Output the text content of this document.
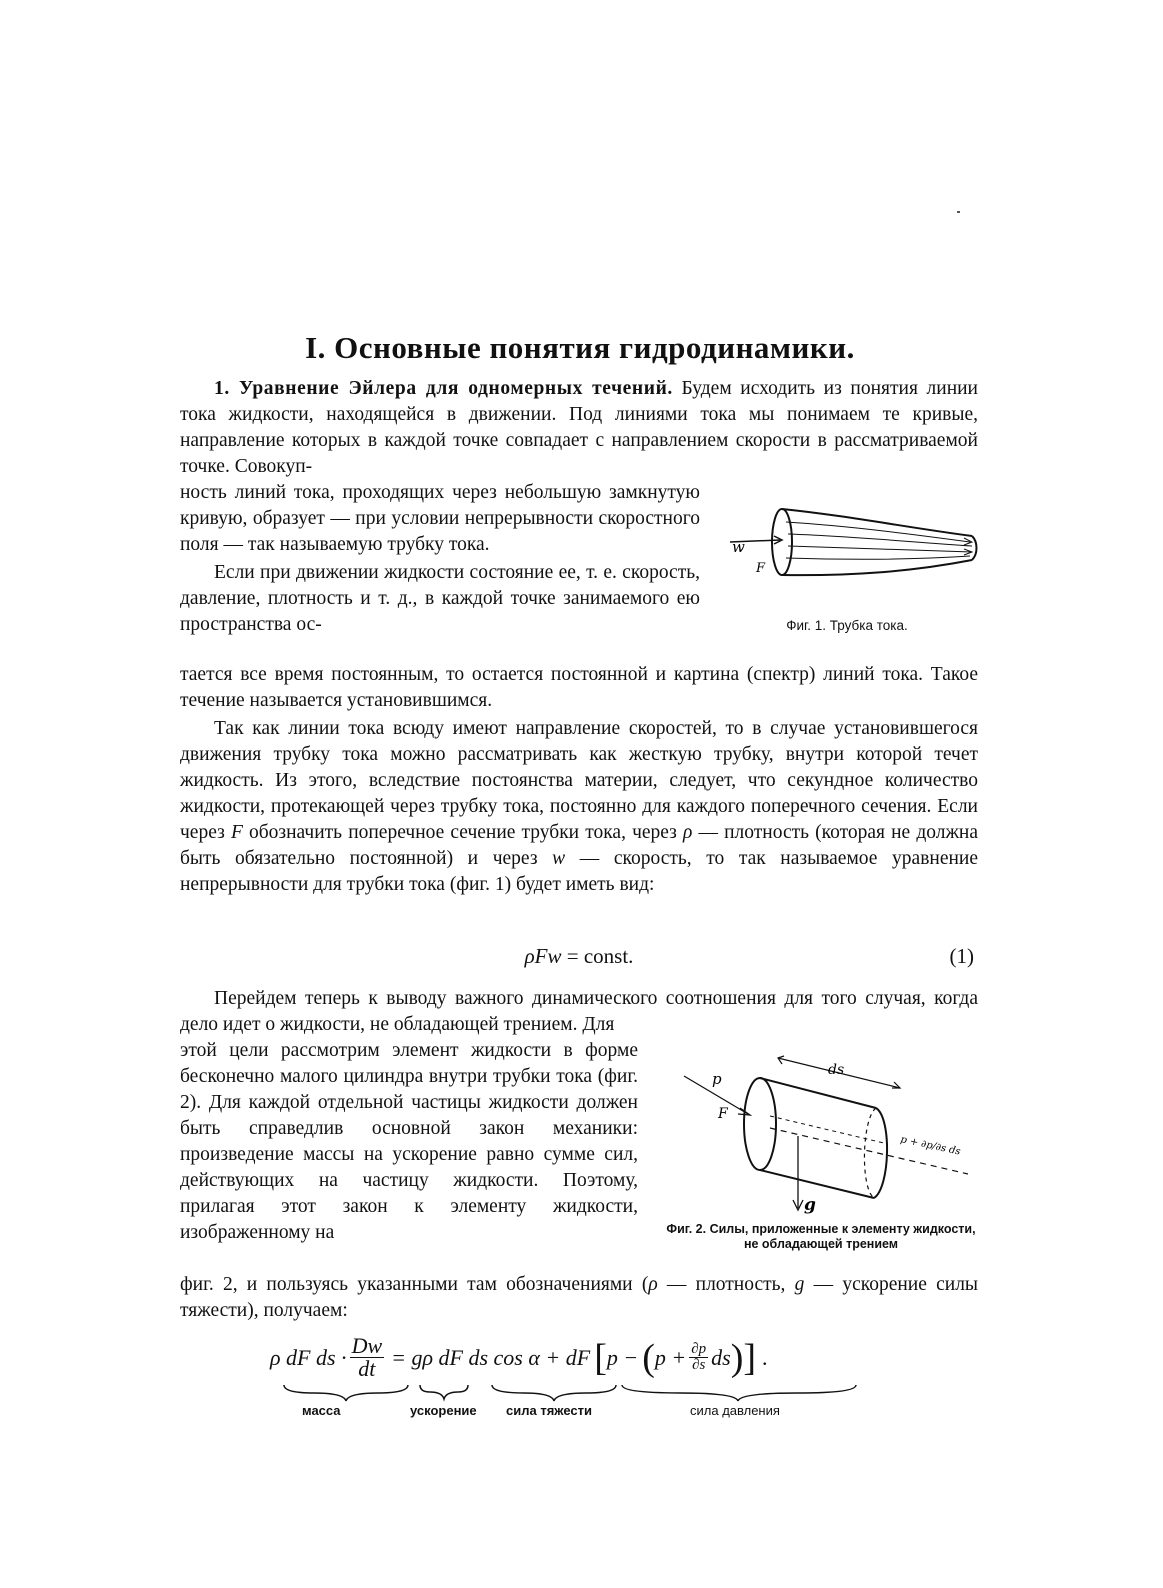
I. Основные понятия гидродинамики.

1. Уравнение Эйлера для одномерных течений. Будем исходить из понятия линии тока жидкости, находящейся в движении. Под линиями тока мы понимаем те кривые, направление которых в каждой точке совпадает с направлением скорости в рассматриваемой точке. Совокуп-

ность линий тока, проходящих через небольшую замкнутую кривую, образует — при условии непрерывности скоростного поля — так называемую трубку тока.

Если при движении жидкости состояние ее, т. е. скорость, давление, плотность и т. д., в каждой точке занимаемого ею пространства ос-

w
F
Фиг. 1. Трубка тока.

тается все время постоянным, то остается постоянной и картина (спектр) линий тока. Такое течение называется установившимся.

Так как линии тока всюду имеют направление скоростей, то в случае установившегося движения трубку тока можно рассматривать как жесткую трубку, внутри которой течет жидкость. Из этого, вследствие постоянства материи, следует, что секундное количество жидкости, протекающей через трубку тока, постоянно для каждого поперечного сечения. Если через F обозначить поперечное сечение трубки тока, через ρ — плотность (которая не должна быть обязательно постоянной) и через w — скорость, то так называемое уравнение непрерывности для трубки тока (фиг. 1) будет иметь вид:

ρFw = const.	(1)

Перейдем теперь к выводу важного динамического соотношения для того случая, когда дело идет о жидкости, не обладающей трением. Для

этой цели рассмотрим элемент жидкости в форме бесконечно малого цилиндра внутри трубки тока (фиг. 2). Для каждой отдельной частицы жидкости должен быть справедлив основной закон механики: произведение массы на ускорение равно сумме сил, действующих на частицу жидкости. Поэтому, прилагая этот закон к элементу жидкости, изображенному на

ds
p
F
g
p + ∂p/∂s ds
Фиг. 2. Силы, приложенные к элементу жидкости, не обладающей трением

фиг. 2, и пользуясь указанными там обозначениями (ρ — плотность, g — ускорение силы тяжести), получаем:

ρ dF ds · $\frac{Dw}{dt} = g\rho$ dF ds cos α + dF [ p − ( $p + \frac{\partial p}{\partial s}$ ds ) ] .
масса	ускорение сила тяжести	сила давления
